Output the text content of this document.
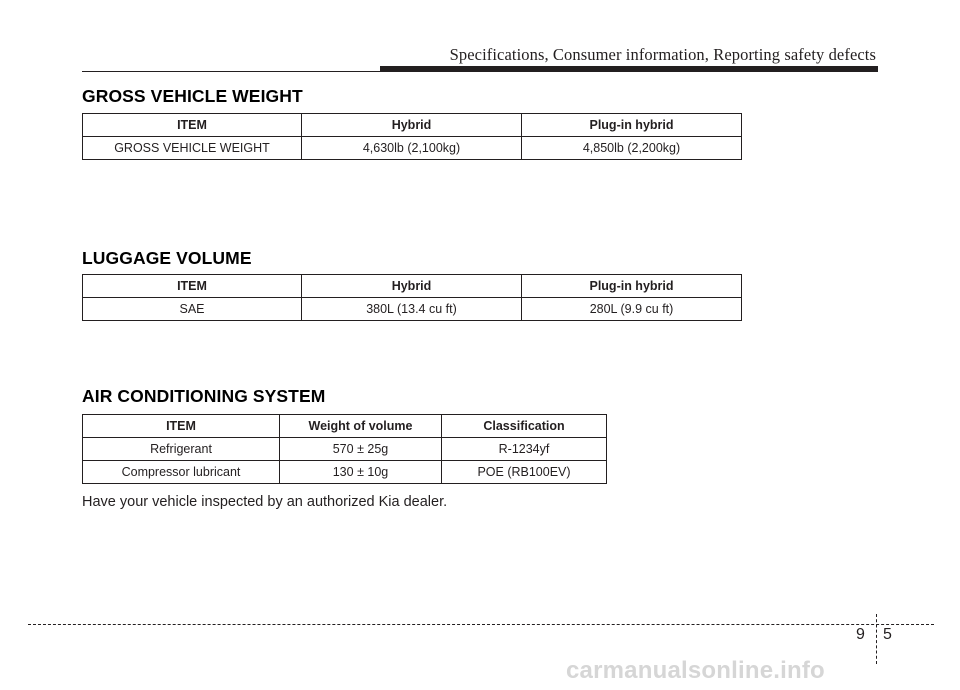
Specifications, Consumer information, Reporting safety defects
GROSS VEHICLE WEIGHT
ITEM	Hybrid	Plug-in hybrid
GROSS VEHICLE WEIGHT	4,630lb (2,100kg)	4,850lb (2,200kg)
LUGGAGE VOLUME
ITEM	Hybrid	Plug-in hybrid
SAE	380L (13.4 cu ft)	280L (9.9 cu ft)
AIR CONDITIONING SYSTEM
ITEM	Weight of volume	Classification
Refrigerant	570 ± 25g	R-1234yf
Compressor lubricant	130 ± 10g	POE (RB100EV)

Have your vehicle inspected by an authorized Kia dealer.

9 5
carmanualsonline.info
